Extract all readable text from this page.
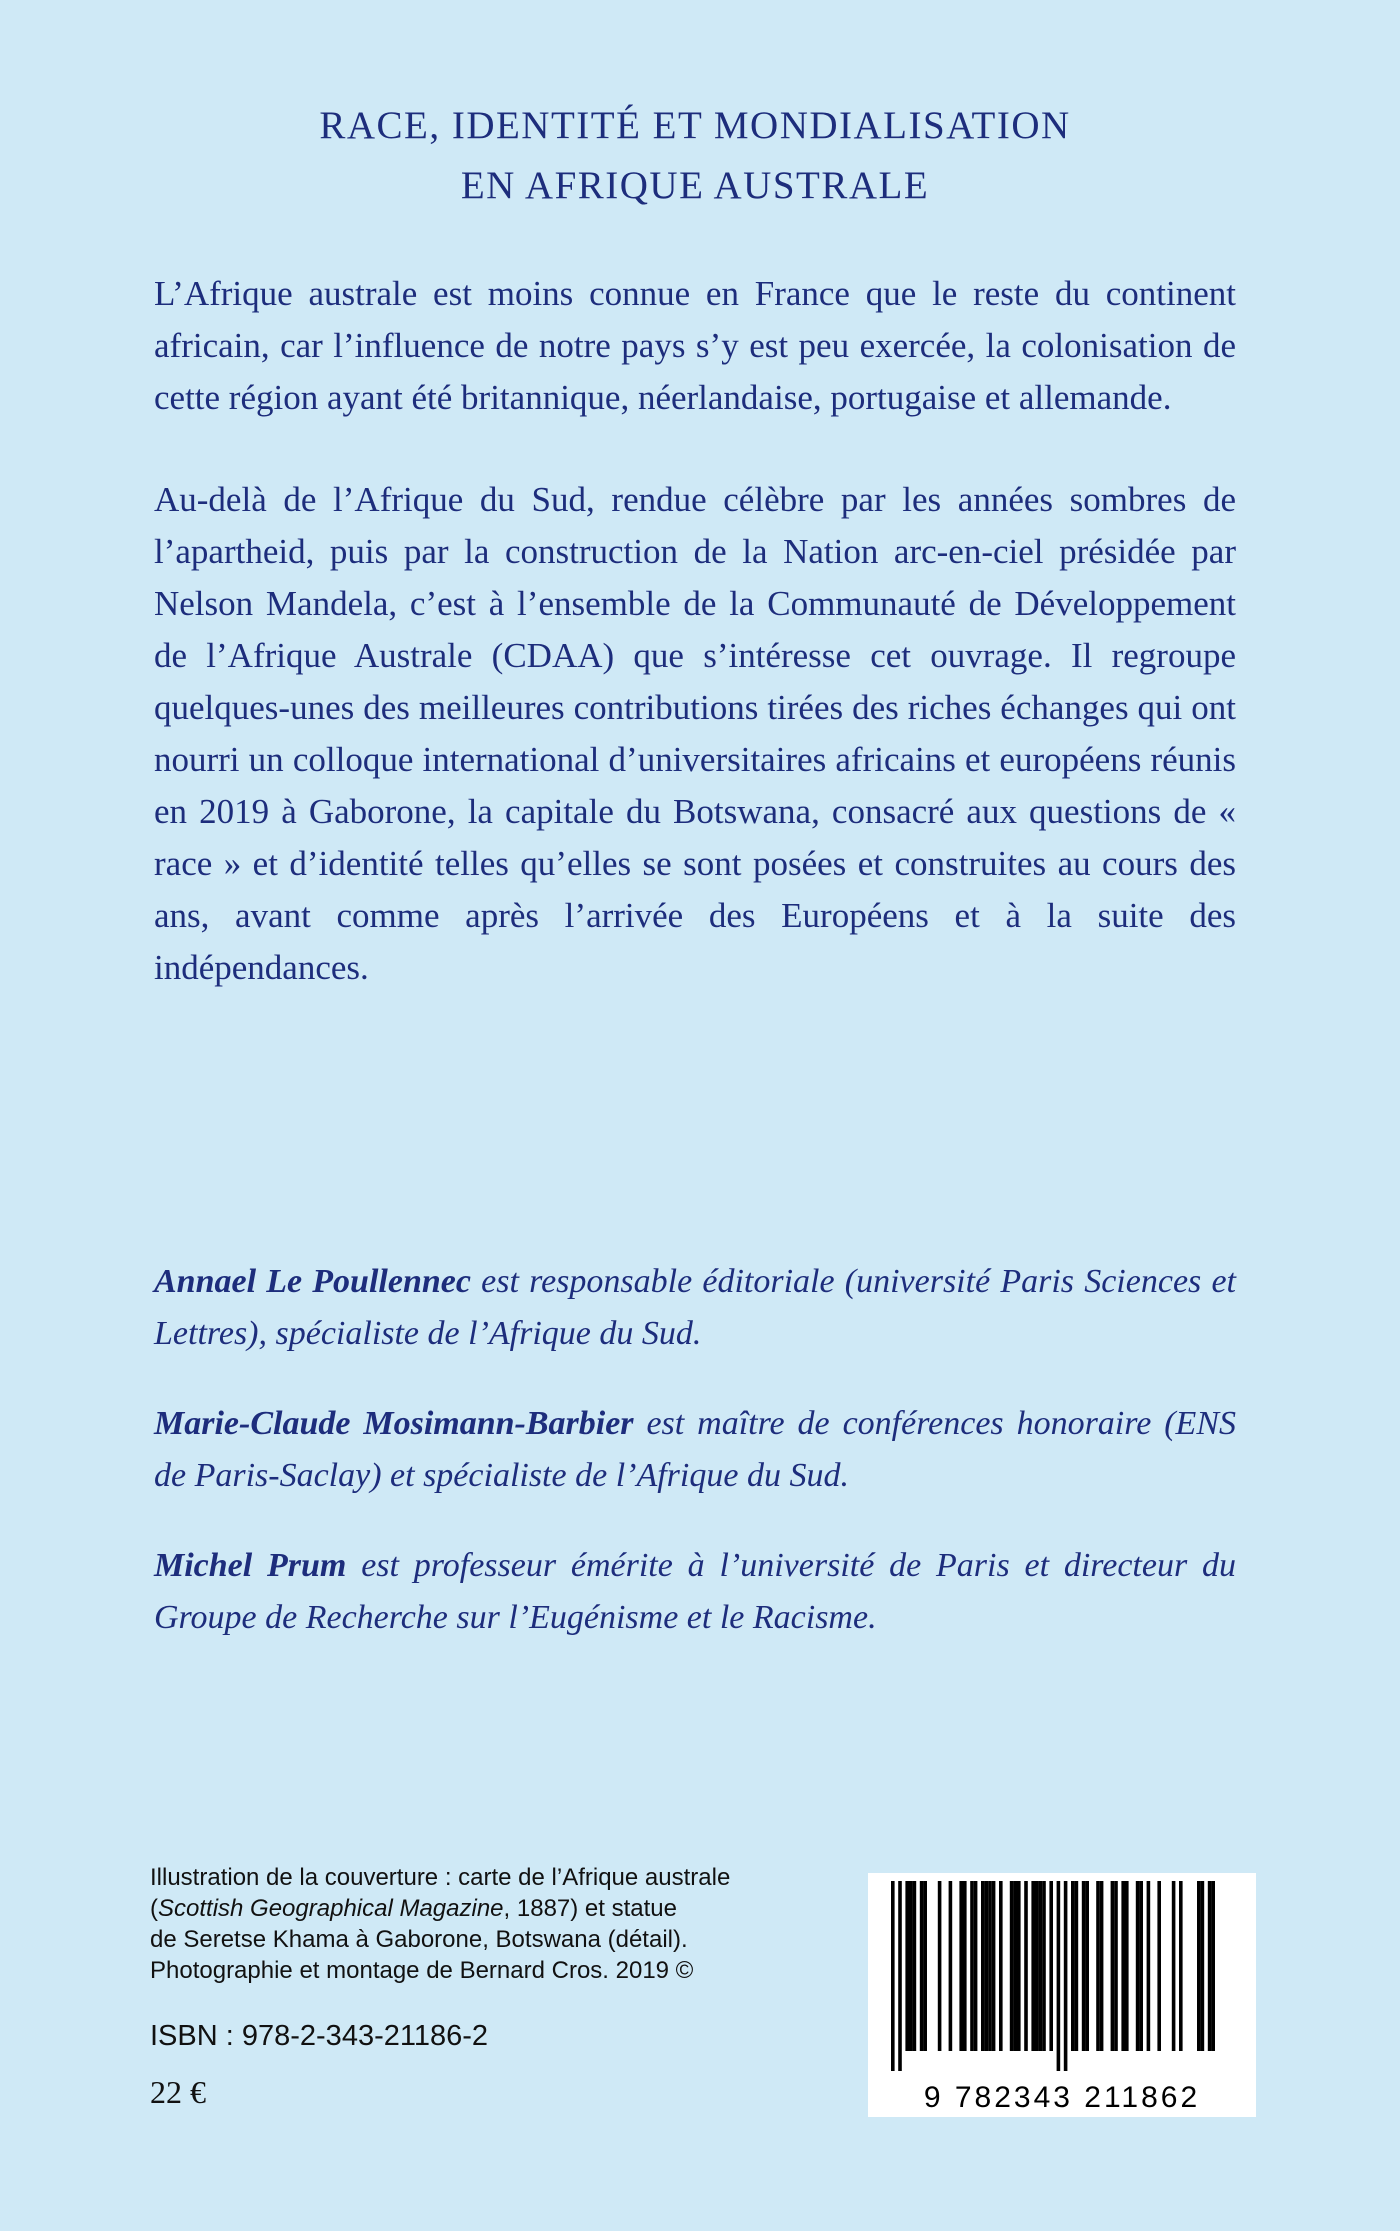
RACE, IDENTITÉ ET MONDIALISATION
EN AFRIQUE AUSTRALE

L’Afrique australe est moins connue en France que le reste du continent africain, car l’influence de notre pays s’y est peu exercée, la colonisation de cette région ayant été britannique, néerlandaise, portugaise et allemande.

Au-delà de l’Afrique du Sud, rendue célèbre par les années sombres de l’apartheid, puis par la construction de la Nation arc-en-ciel présidée par Nelson Mandela, c’est à l’ensemble de la Communauté de Développement de l’Afrique Australe (CDAA) que s’intéresse cet ouvrage. Il regroupe quelques-unes des meilleures contributions tirées des riches échanges qui ont nourri un colloque international d’universitaires africains et européens réunis en 2019 à Gaborone, la capitale du Botswana, consacré aux questions de « race » et d’identité telles qu’elles se sont posées et construites au cours des ans, avant comme après l’arrivée des Européens et à la suite des indépendances.

Annael Le Poullennec est responsable éditoriale (université Paris Sciences et Lettres), spécialiste de l’Afrique du Sud.

Marie-Claude Mosimann-Barbier est maître de conférences honoraire (ENS de Paris-Saclay) et spécialiste de l’Afrique du Sud.

Michel Prum est professeur émérite à l’université de Paris et directeur du Groupe de Recherche sur l’Eugénisme et le Racisme.

Illustration de la couverture : carte de l’Afrique australe
(Scottish Geographical Magazine, 1887) et statue
de Seretse Khama à Gaborone, Botswana (détail).
Photographie et montage de Bernard Cros. 2019 ©
ISBN : 978-2-343-21186-2
22 €	9 782343 211862
